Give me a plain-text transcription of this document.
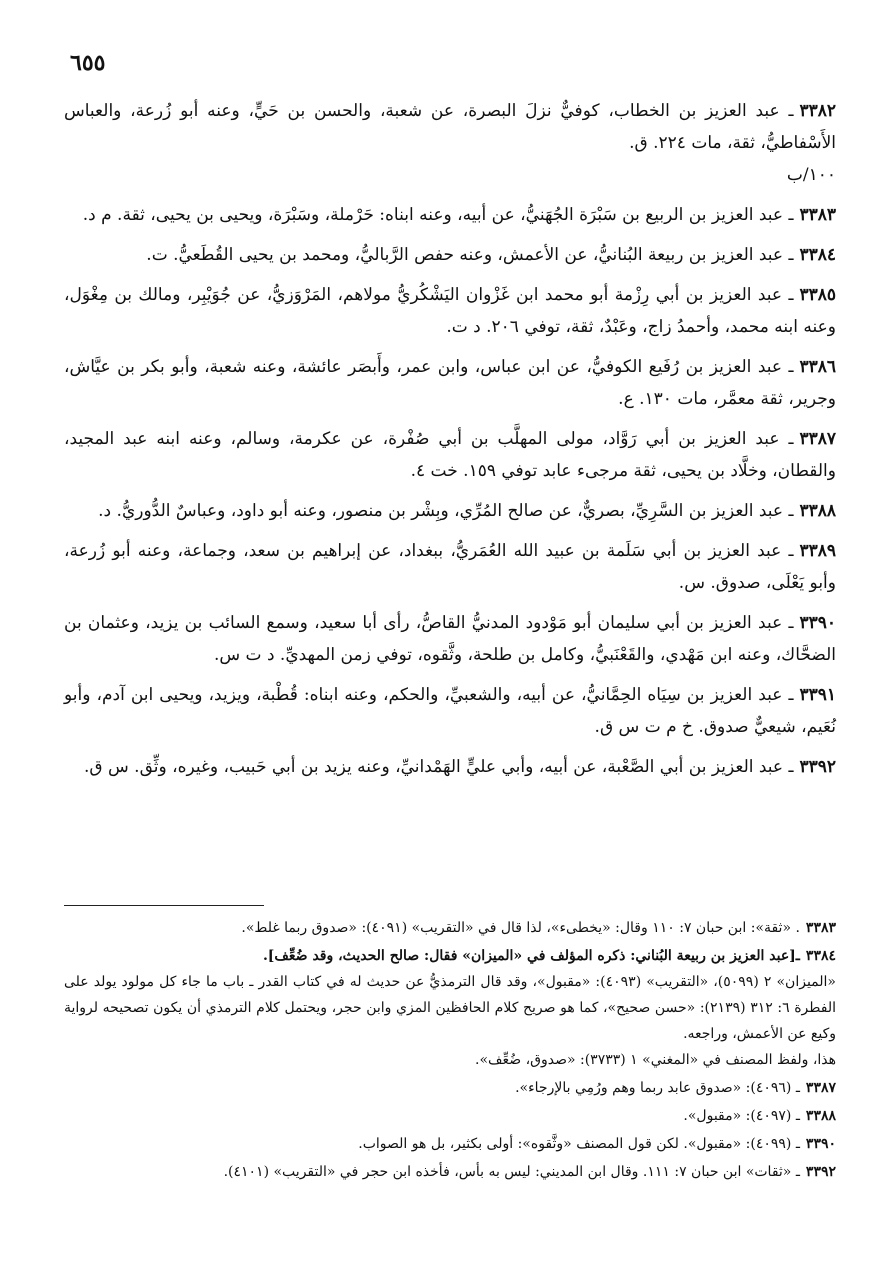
٦٥٥
٣٣٨٢ـ عبد العزيز بن الخطاب، كوفيٌّ نزلَ البصرة، عن شعبة، والحسن بن حَيٍّ، وعنه أبو زُرعة، والعباس الأَسْفاطيُّ، ثقة، مات ٢٢٤. ق.
١٠٠/ب
٣٣٨٣ـ عبد العزيز بن الربيع بن سَبْرَة الجُهَنيُّ، عن أبيه، وعنه ابناه: حَرْملة، وسَبْرَة، ويحيى بن يحيى، ثقة. م د.
٣٣٨٤ـ عبد العزيز بن ربيعة البُنانيُّ، عن الأعمش، وعنه حفص الرَّباليُّ، ومحمد بن يحيى القُطَعيُّ. ت.
٣٣٨٥ـ عبد العزيز بن أبي رِزْمة أبو محمد ابن غَزْوان اليَشْكُريُّ مولاهم، المَرْوَزيُّ، عن جُوَيْبِر، ومالك بن مِغْوَل، وعنه ابنه محمد، وأحمدُ زاج، وعَبْدٌ، ثقة، توفي ٢٠٦. د ت.
٣٣٨٦ـ عبد العزيز بن رُفَيع الكوفيُّ، عن ابن عباس، وابن عمر، وأَبصَر عائشة، وعنه شعبة، وأبو بكر بن عيَّاش، وجرير، ثقة معمَّر، مات ١٣٠. ع.
٣٣٨٧ـ عبد العزيز بن أبي رَوَّاد، مولى المهلَّب بن أبي صُفْرة، عن عكرمة، وسالم، وعنه ابنه عبد المجيد، والقطان، وخلَّاد بن يحيى، ثقة مرجىء عابد توفي ١٥٩. خت ٤.
٣٣٨٨ـ عبد العزيز بن السَّرِيِّ، بصريٌّ، عن صالح المُرِّي، وبِشْر بن منصور، وعنه أبو داود، وعباسٌ الدُّوريُّ. د.
٣٣٨٩ـ عبد العزيز بن أبي سَلَمة بن عبيد الله العُمَريُّ، ببغداد، عن إبراهيم بن سعد، وجماعة، وعنه أبو زُرعة، وأبو يَعْلَى، صدوق. س.
٣٣٩٠ـ عبد العزيز بن أبي سليمان أبو مَوْدود المدنيُّ القاصُّ، رأى أبا سعيد، وسمع السائب بن يزيد، وعثمان بن الضحَّاك، وعنه ابن مَهْدي، والقَعْنَبيُّ، وكامل بن طلحة، وثَّقوه، توفي زمن المهديِّ. د ت س.
٣٣٩١ـ عبد العزيز بن سِيَاه الحِمَّانيُّ، عن أبيه، والشعبيِّ، والحكم، وعنه ابناه: قُطْبة، ويزيد، ويحيى ابن آدم، وأبو نُعَيم، شيعيٌّ صدوق. خ م ت س ق.
٣٣٩٢ـ عبد العزيز بن أبي الصَّعْبة، عن أبيه، وأبي عليٍّ الهَمْدانيِّ، وعنه يزيد بن أبي حَبيب، وغيره، وثِّق. س ق.
٣٣٨٣. «ثقة»: ابن حبان ٧: ١١٠ وقال: «يخطىء»، لذا قال في «التقريب» (٤٠٩١): «صدوق ربما غلط».
٣٣٨٤ـ[عبد العزيز بن ربيعة البُناني: ذكره المؤلف في «الميزان» فقال: صالح الحديث، وقد ضُعِّف].
«الميزان» ٢ (٥٠٩٩)، «التقريب» (٤٠٩٣): «مقبول»، وقد قال الترمذيُّ عن حديث له في كتاب القدر ـ باب ما جاء كل مولود يولد على الفطرة ٦: ٣١٢ (٢١٣٩): «حسن صحيح»، كما هو صريح كلام الحافظين المزي وابن حجر، ويحتمل كلام الترمذي أن يكون تصحيحه لرواية وكيع عن الأعمش، وراجعه.
هذا، ولفظ المصنف في «المغني» ١ (٣٧٣٣): «صدوق، ضُعِّف».
٣٣٨٧ـ (٤٠٩٦): «صدوق عابد ربما وهم ورُمِي بالإرجاء».
٣٣٨٨ـ (٤٠٩٧): «مقبول».
٣٣٩٠ـ (٤٠٩٩): «مقبول». لكن قول المصنف «وثَّقوه»: أولى بكثير، بل هو الصواب.
٣٣٩٢ـ «ثقات» ابن حبان ٧: ١١١. وقال ابن المديني: ليس به بأس، فأخذه ابن حجر في «التقريب» (٤١٠١).
